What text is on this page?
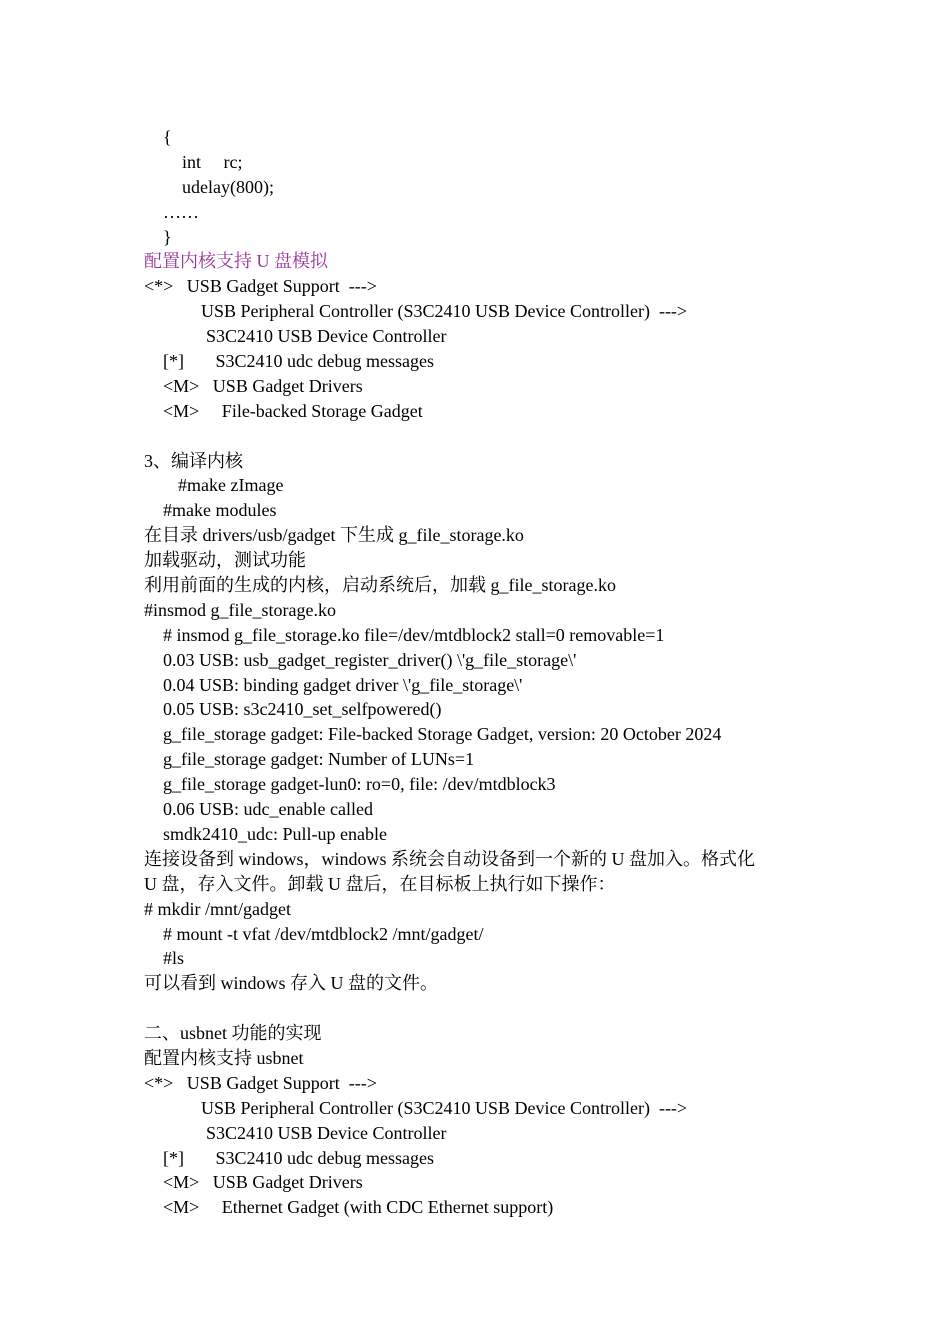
{
int     rc;
udelay(800);
……
}
配置内核支持 U 盘模拟
<*>   USB Gadget Support  --->
USB Peripheral Controller (S3C2410 USB Device Controller)  --->
S3C2410 USB Device Controller
[*]       S3C2410 udc debug messages
<M>   USB Gadget Drivers
<M>     File-backed Storage Gadget
3、编译内核
#make zImage
#make modules
在目录 drivers/usb/gadget 下生成 g_file_storage.ko
加载驱动，测试功能
利用前面的生成的内核，启动系统后，加载 g_file_storage.ko
#insmod g_file_storage.ko
# insmod g_file_storage.ko file=/dev/mtdblock2 stall=0 removable=1
0.03 USB: usb_gadget_register_driver() \'g_file_storage\'
0.04 USB: binding gadget driver \'g_file_storage\'
0.05 USB: s3c2410_set_selfpowered()
g_file_storage gadget: File-backed Storage Gadget, version: 20 October 2024
g_file_storage gadget: Number of LUNs=1
g_file_storage gadget-lun0: ro=0, file: /dev/mtdblock3
0.06 USB: udc_enable called
smdk2410_udc: Pull-up enable
连接设备到 windows，windows 系统会自动设备到一个新的 U 盘加入。格式化
U 盘，存入文件。卸载 U 盘后，在目标板上执行如下操作：
# mkdir /mnt/gadget
# mount -t vfat /dev/mtdblock2 /mnt/gadget/
#ls
可以看到 windows 存入 U 盘的文件。
二、usbnet 功能的实现
配置内核支持 usbnet
<*>   USB Gadget Support  --->
USB Peripheral Controller (S3C2410 USB Device Controller)  --->
S3C2410 USB Device Controller
[*]       S3C2410 udc debug messages
<M>   USB Gadget Drivers
<M>     Ethernet Gadget (with CDC Ethernet support)
